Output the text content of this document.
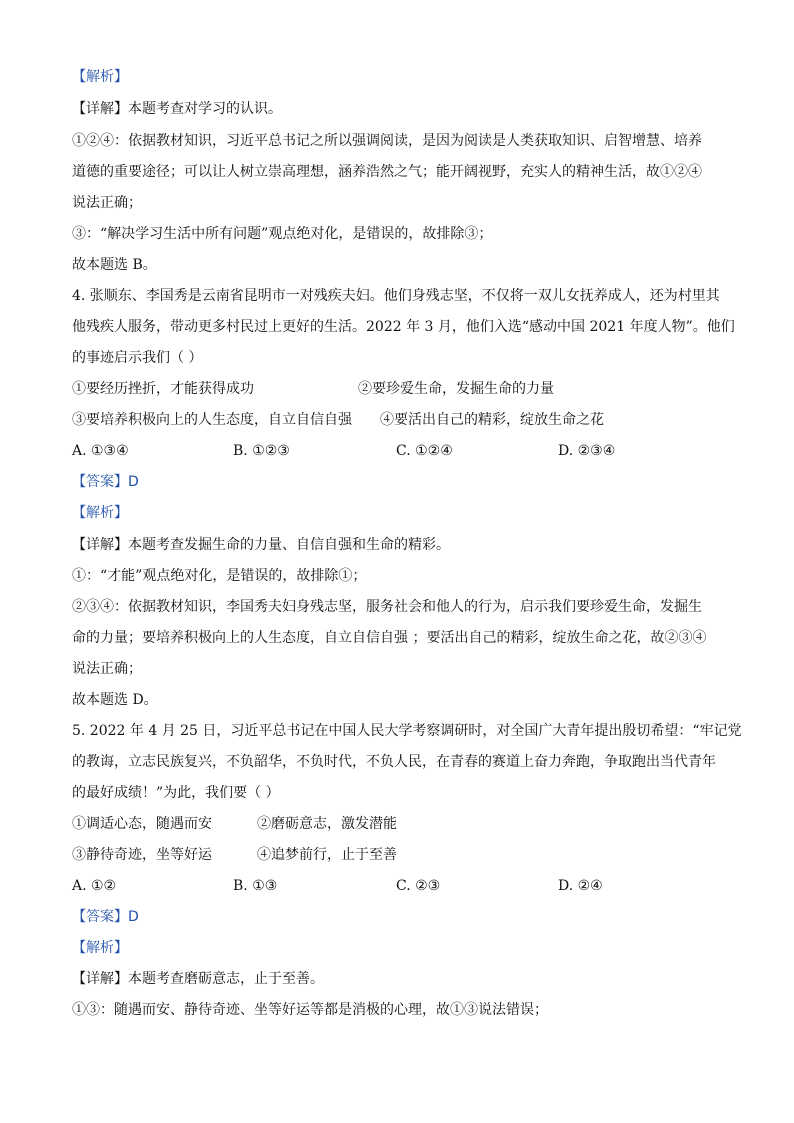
【解析】
【详解】本题考查对学习的认识。
①②④：依据教材知识，习近平总书记之所以强调阅读，是因为阅读是人类获取知识、启智增慧、培养
道德的重要途径；可以让人树立崇高理想，涵养浩然之气；能开阔视野，充实人的精神生活，故①②④
说法正确；
③：“解决学习生活中所有问题”观点绝对化，是错误的，故排除③；
故本题选 B。
4. 张顺东、李国秀是云南省昆明市一对残疾夫妇。他们身残志坚，不仅将一双儿女抚养成人，还为村里其
他残疾人服务，带动更多村民过上更好的生活。2022 年 3 月，他们入选“感动中国 2021 年度人物”。他们
的事迹启示我们（ ）
①要经历挫折，才能获得成功	②要珍爱生命，发掘生命的力量
③要培养积极向上的人生态度，自立自信自强 ④要活出自己的精彩，绽放生命之花
A. ①③④	B. ①②③	C. ①②④	D. ②③④
【答案】D
【解析】
【详解】本题考查发掘生命的力量、自信自强和生命的精彩。
①：“才能”观点绝对化，是错误的，故排除①；
②③④：依据教材知识，李国秀夫妇身残志坚，服务社会和他人的行为，启示我们要珍爱生命，发掘生
命的力量；要培养积极向上的人生态度，自立自信自强 ；要活出自己的精彩，绽放生命之花，故②③④
说法正确；
故本题选 D。
5. 2022 年 4 月 25 日，习近平总书记在中国人民大学考察调研时，对全国广大青年提出殷切希望：“牢记党
的教诲，立志民族复兴，不负韶华，不负时代，不负人民，在青春的赛道上奋力奔跑，争取跑出当代青年
的最好成绩！”为此，我们要（ ）
①调适心态，随遇而安	②磨砺意志，激发潜能
③静待奇迹，坐等好运	④追梦前行，止于至善
A. ①②	B. ①③	C. ②③	D. ②④
【答案】D
【解析】
【详解】本题考查磨砺意志，止于至善。
①③：随遇而安、静待奇迹、坐等好运等都是消极的心理，故①③说法错误；
